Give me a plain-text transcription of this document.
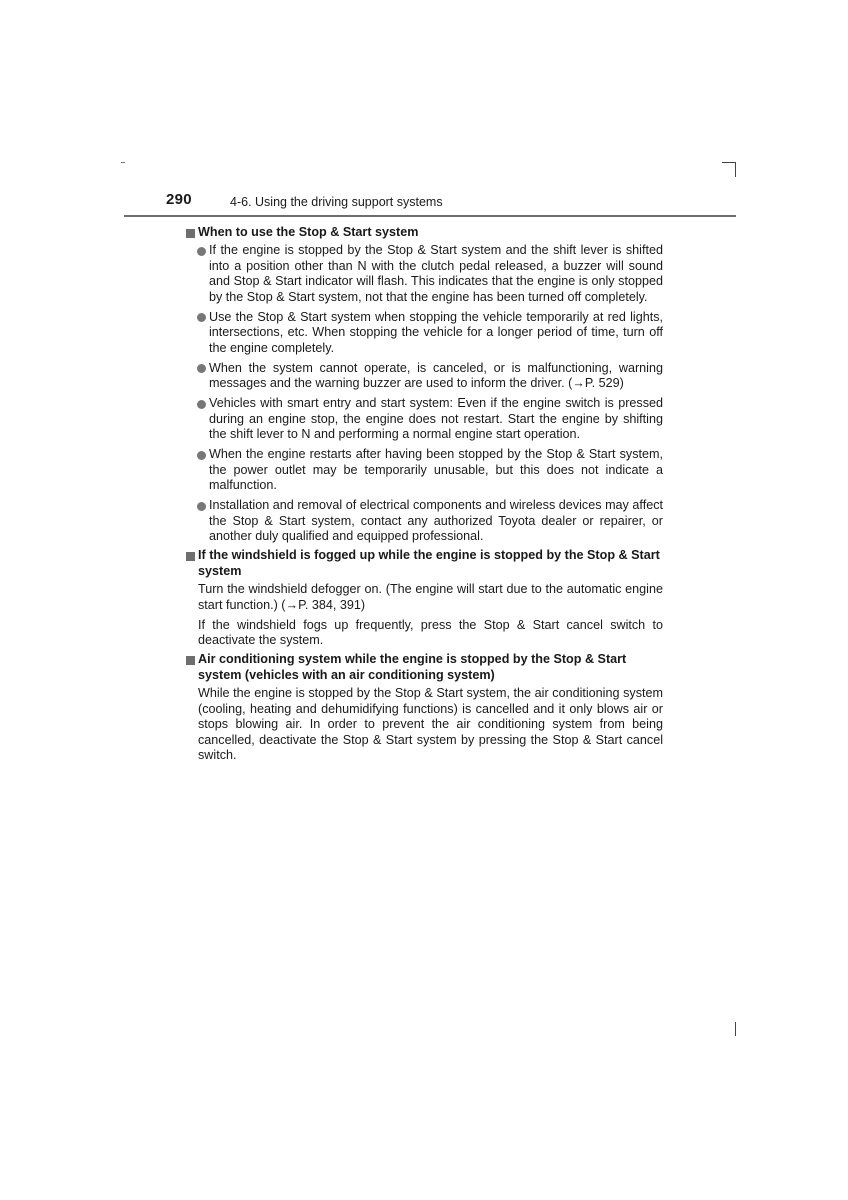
290	4-6. Using the driving support systems
When to use the Stop & Start system
If the engine is stopped by the Stop & Start system and the shift lever is shifted into a position other than N with the clutch pedal released, a buzzer will sound and Stop & Start indicator will flash. This indicates that the engine is only stopped by the Stop & Start system, not that the engine has been turned off completely.
Use the Stop & Start system when stopping the vehicle temporarily at red lights, intersections, etc. When stopping the vehicle for a longer period of time, turn off the engine completely.
When the system cannot operate, is canceled, or is malfunctioning, warning messages and the warning buzzer are used to inform the driver. (→P. 529)
Vehicles with smart entry and start system: Even if the engine switch is pressed during an engine stop, the engine does not restart. Start the engine by shifting the shift lever to N and performing a normal engine start operation.
When the engine restarts after having been stopped by the Stop & Start system, the power outlet may be temporarily unusable, but this does not indicate a malfunction.
Installation and removal of electrical components and wireless devices may affect the Stop & Start system, contact any authorized Toyota dealer or repairer, or another duly qualified and equipped professional.
If the windshield is fogged up while the engine is stopped by the Stop & Start system
Turn the windshield defogger on. (The engine will start due to the automatic engine start function.) (→P. 384, 391)
If the windshield fogs up frequently, press the Stop & Start cancel switch to deactivate the system.
Air conditioning system while the engine is stopped by the Stop & Start system (vehicles with an air conditioning system)
While the engine is stopped by the Stop & Start system, the air conditioning system (cooling, heating and dehumidifying functions) is cancelled and it only blows air or stops blowing air. In order to prevent the air conditioning system from being cancelled, deactivate the Stop & Start system by pressing the Stop & Start cancel switch.
